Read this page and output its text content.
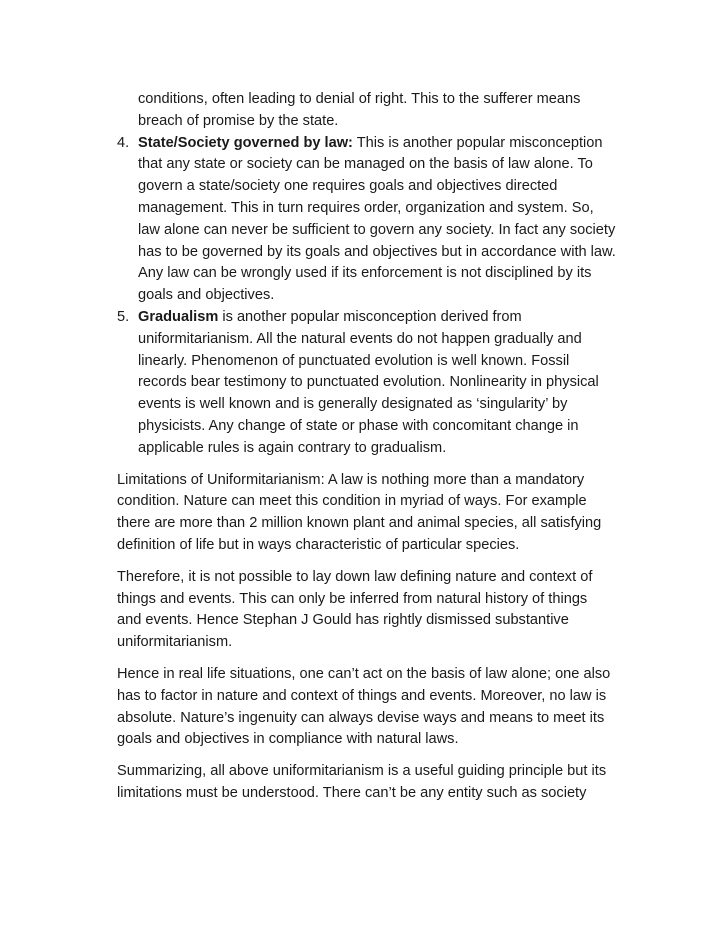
conditions, often leading to denial of right. This to the sufferer means
breach of promise by the state.
4. State/Society governed by law: This is another popular misconception
that any state or society can be managed on the basis of law alone. To
govern a state/society one requires goals and objectives directed
management. This in turn requires order, organization and system. So,
law alone can never be sufficient to govern any society. In fact any society
has to be governed by its goals and objectives but in accordance with law.
Any law can be wrongly used if its enforcement is not disciplined by its
goals and objectives.
5. Gradualism is another popular misconception derived from
uniformitarianism. All the natural events do not happen gradually and
linearly. Phenomenon of punctuated evolution is well known. Fossil
records bear testimony to punctuated evolution. Nonlinearity in physical
events is well known and is generally designated as ‘singularity’ by
physicists. Any change of state or phase with concomitant change in
applicable rules is again contrary to gradualism.

Limitations of Uniformitarianism: A law is nothing more than a mandatory
condition. Nature can meet this condition in myriad of ways. For example
there are more than 2 million known plant and animal species, all satisfying
definition of life but in ways characteristic of particular species.

Therefore, it is not possible to lay down law defining nature and context of
things and events. This can only be inferred from natural history of things
and events. Hence Stephan J Gould has rightly dismissed substantive
uniformitarianism.

Hence in real life situations, one can’t act on the basis of law alone; one also
has to factor in nature and context of things and events. Moreover, no law is
absolute. Nature’s ingenuity can always devise ways and means to meet its
goals and objectives in compliance with natural laws.

Summarizing, all above uniformitarianism is a useful guiding principle but its
limitations must be understood. There can’t be any entity such as society
